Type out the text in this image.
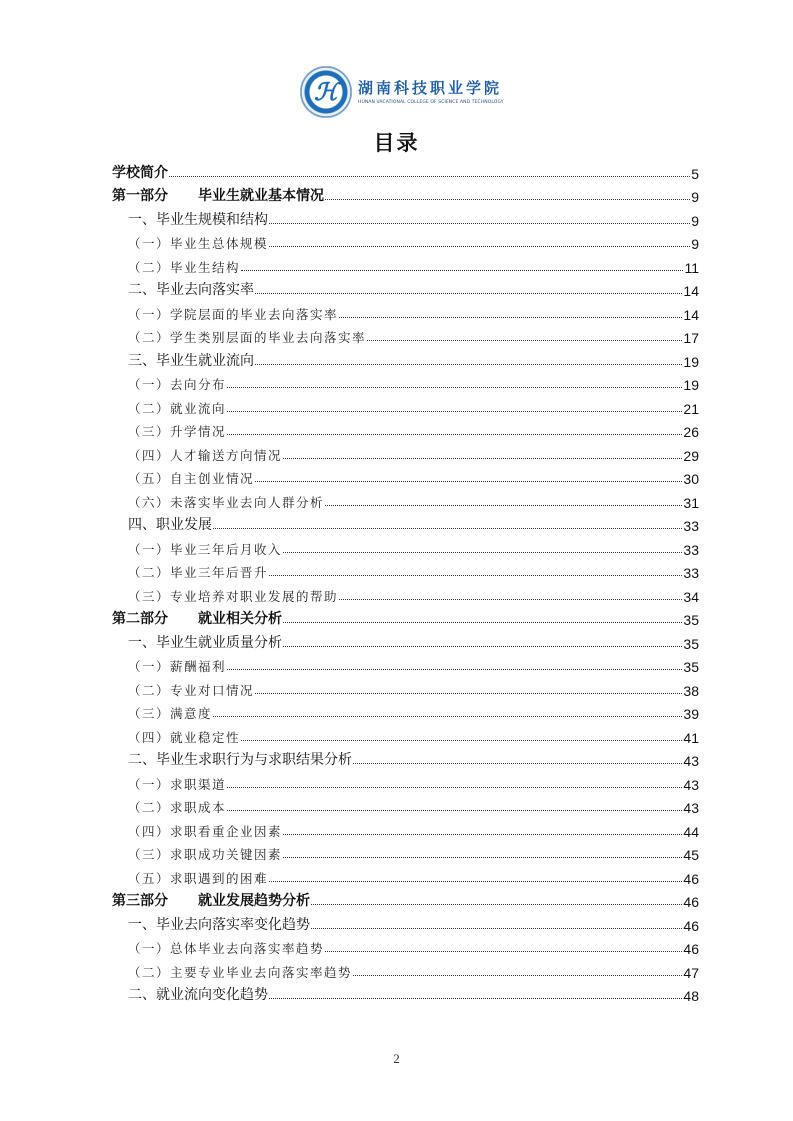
ℋ	湖南科技职业学院
HUNAN VACATIONAL COLLEGE OF SCIENCE AND TECHNOLOGY
目录
学校简介	5
第一部分 毕业生就业基本情况	9
一、毕业生规模和结构	9
（一）毕业生总体规模	9
（二）毕业生结构	11
二、毕业去向落实率	14
（一）学院层面的毕业去向落实率	14
（二）学生类别层面的毕业去向落实率	17
三、毕业生就业流向	19
（一）去向分布	19
（二）就业流向	21
（三）升学情况	26
（四）人才输送方向情况	29
（五）自主创业情况	30
（六）未落实毕业去向人群分析	31
四、职业发展	33
（一）毕业三年后月收入	33
（二）毕业三年后晋升	33
（三）专业培养对职业发展的帮助	34
第二部分 就业相关分析	35
一、毕业生就业质量分析	35
（一）薪酬福利	35
（二）专业对口情况	38
（三）满意度	39
（四）就业稳定性	41
二、毕业生求职行为与求职结果分析	43
（一）求职渠道	43
（二）求职成本	43
（四）求职看重企业因素	44
（三）求职成功关键因素	45
（五）求职遇到的困难	46
第三部分 就业发展趋势分析	46
一、毕业去向落实率变化趋势	46
（一）总体毕业去向落实率趋势	46
（二）主要专业毕业去向落实率趋势	47
二、就业流向变化趋势	48
2
